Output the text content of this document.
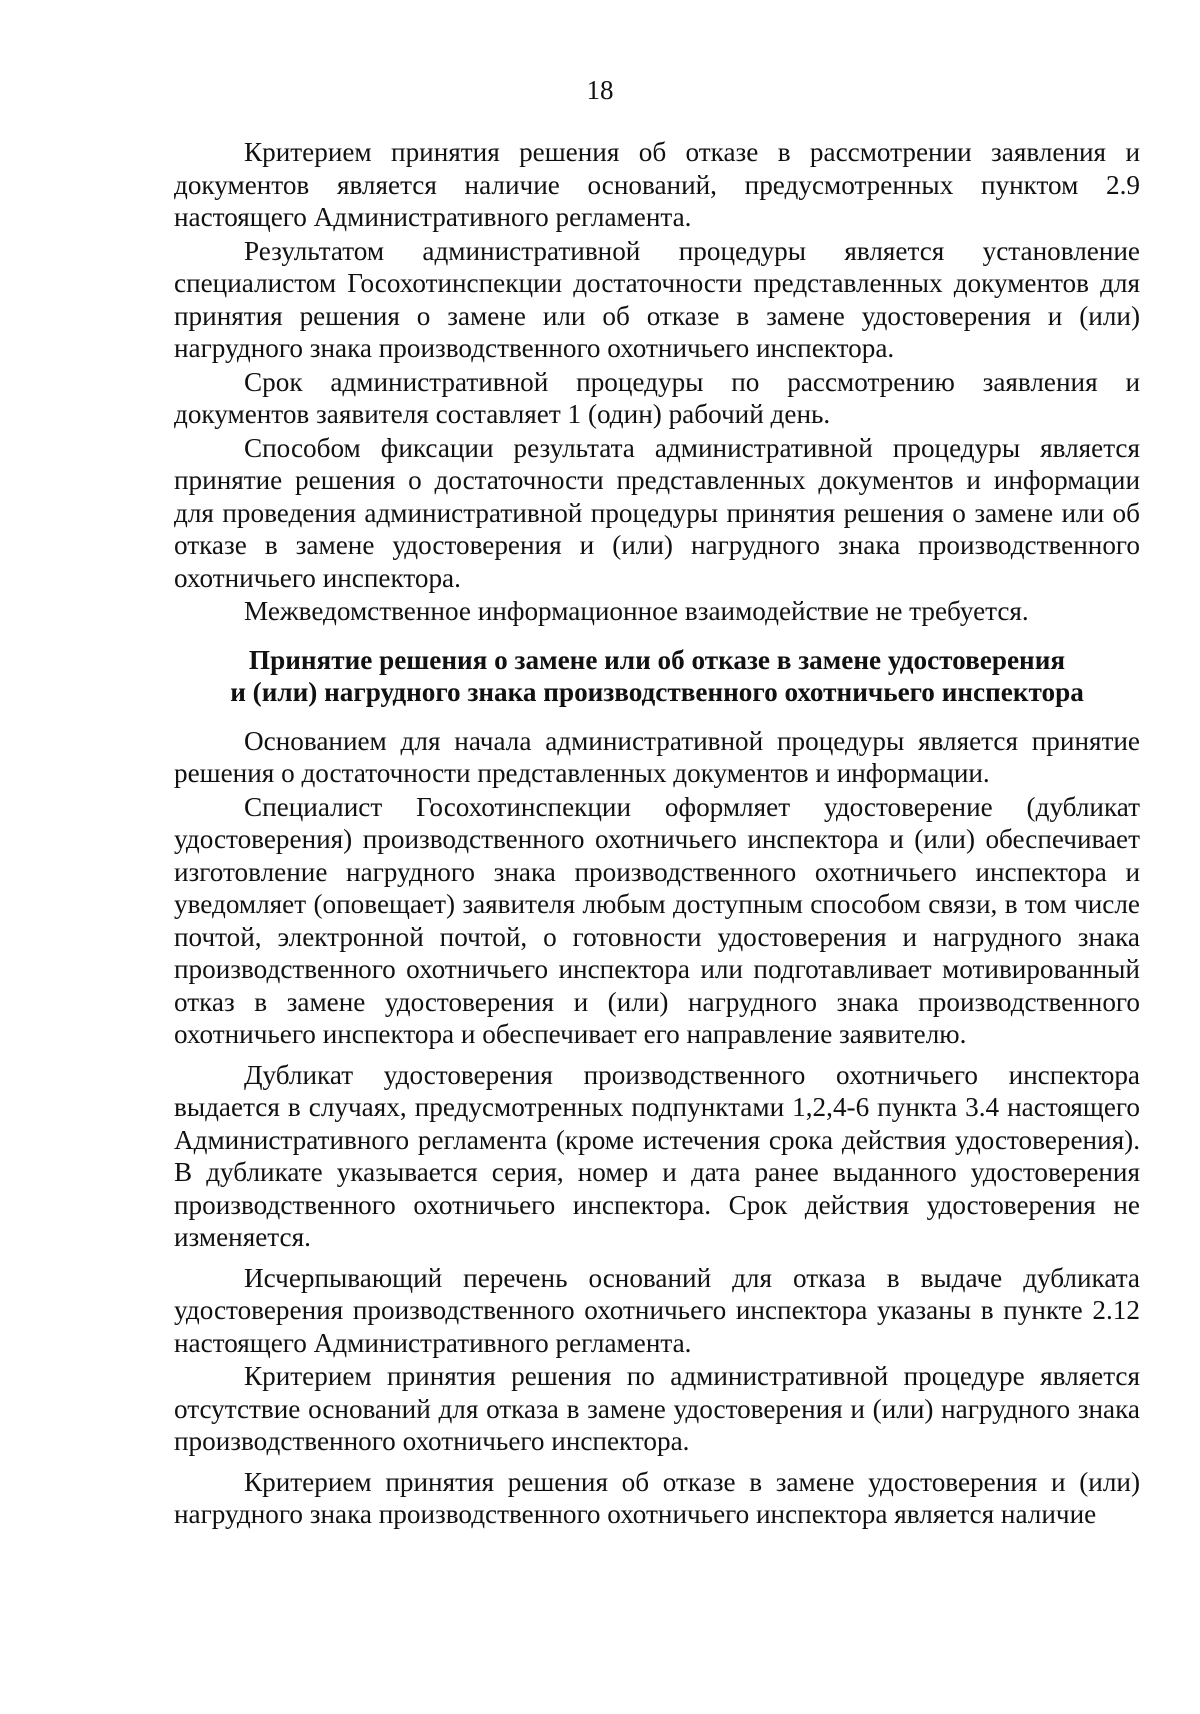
18

Критерием принятия решения об отказе в рассмотрении заявления и документов является наличие оснований, предусмотренных пунктом 2.9 настоящего Административного регламента.

Результатом административной процедуры является установление специалистом Госохотинспекции достаточности представленных документов для принятия решения о замене или об отказе в замене удостоверения и (или) нагрудного знака производственного охотничьего инспектора.

Срок административной процедуры по рассмотрению заявления и документов заявителя составляет 1 (один) рабочий день.

Способом фиксации результата административной процедуры является принятие решения о достаточности представленных документов и информации для проведения административной процедуры принятия решения о замене или об отказе в замене удостоверения и (или) нагрудного знака производственного охотничьего инспектора.

Межведомственное информационное взаимодействие не требуется.

Принятие решения о замене или об отказе в замене удостоверения
и (или) нагрудного знака производственного охотничьего инспектора

Основанием для начала административной процедуры является принятие решения о достаточности представленных документов и информации.

Специалист Госохотинспекции оформляет удостоверение (дубликат удостоверения) производственного охотничьего инспектора и (или) обеспечивает изготовление нагрудного знака производственного охотничьего инспектора и уведомляет (оповещает) заявителя любым доступным способом связи, в том числе почтой, электронной почтой, о готовности удостоверения и нагрудного знака производственного охотничьего инспектора или подготавливает мотивированный отказ в замене удостоверения и (или) нагрудного знака производственного охотничьего инспектора и обеспечивает его направление заявителю.

Дубликат удостоверения производственного охотничьего инспектора выдается в случаях, предусмотренных подпунктами 1,2,4-6 пункта 3.4 настоящего Административного регламента (кроме истечения срока действия удостоверения). В дубликате указывается серия, номер и дата ранее выданного удостоверения производственного охотничьего инспектора. Срок действия удостоверения не изменяется.

Исчерпывающий перечень оснований для отказа в выдаче дубликата удостоверения производственного охотничьего инспектора указаны в пункте 2.12 настоящего Административного регламента.

Критерием принятия решения по административной процедуре является отсутствие оснований для отказа в замене удостоверения и (или) нагрудного знака производственного охотничьего инспектора.

Критерием принятия решения об отказе в замене удостоверения и (или) нагрудного знака производственного охотничьего инспектора является наличие
